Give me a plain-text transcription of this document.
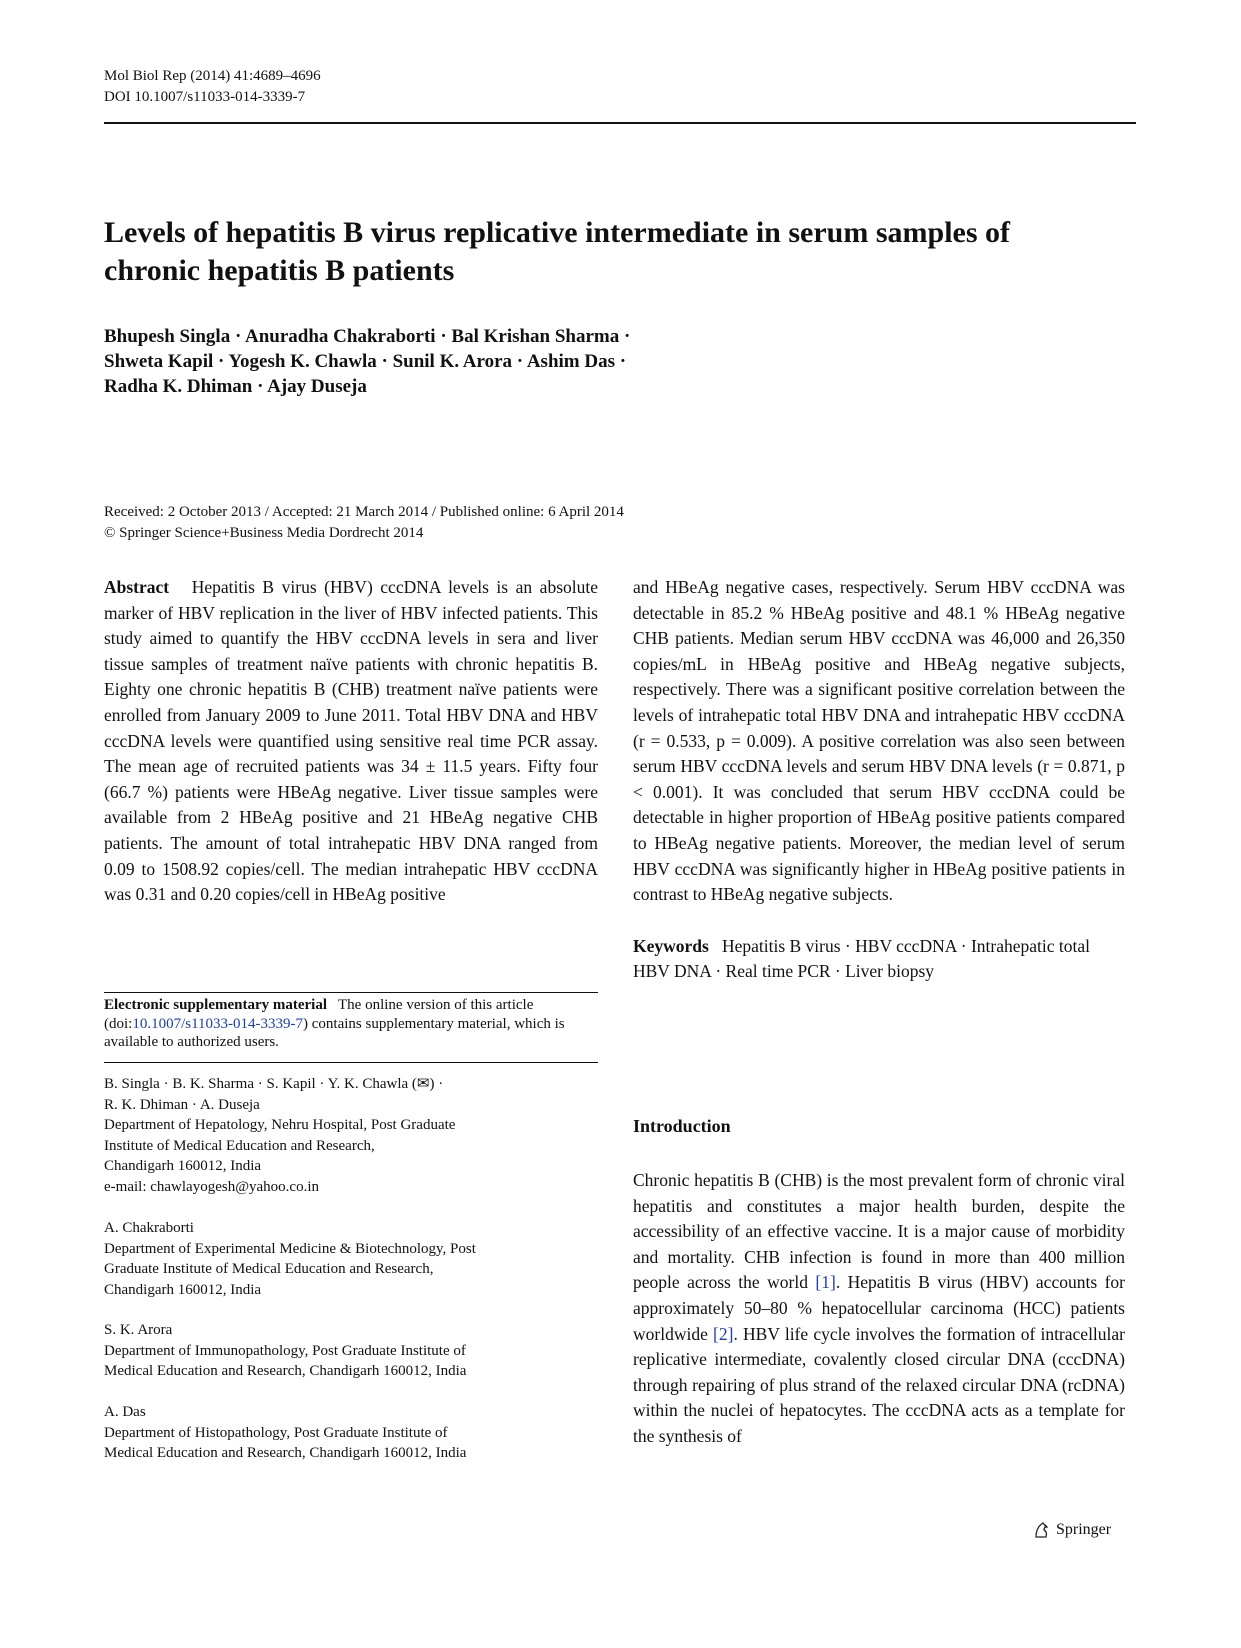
Mol Biol Rep (2014) 41:4689–4696
DOI 10.1007/s11033-014-3339-7
Levels of hepatitis B virus replicative intermediate in serum samples of chronic hepatitis B patients
Bhupesh Singla · Anuradha Chakraborti · Bal Krishan Sharma ·
Shweta Kapil · Yogesh K. Chawla · Sunil K. Arora · Ashim Das ·
Radha K. Dhiman · Ajay Duseja
Received: 2 October 2013 / Accepted: 21 March 2014 / Published online: 6 April 2014
© Springer Science+Business Media Dordrecht 2014

Abstract Hepatitis B virus (HBV) cccDNA levels is an absolute marker of HBV replication in the liver of HBV infected patients. This study aimed to quantify the HBV cccDNA levels in sera and liver tissue samples of treatment naïve patients with chronic hepatitis B. Eighty one chronic hepatitis B (CHB) treatment naïve patients were enrolled from January 2009 to June 2011. Total HBV DNA and HBV cccDNA levels were quantified using sensitive real time PCR assay. The mean age of recruited patients was 34 ± 11.5 years. Fifty four (66.7 %) patients were HBeAg negative. Liver tissue samples were available from 2 HBeAg positive and 21 HBeAg negative CHB patients. The amount of total intrahepatic HBV DNA ranged from 0.09 to 1508.92 copies/cell. The median intrahepatic HBV cccDNA was 0.31 and 0.20 copies/cell in HBeAg positive

Electronic supplementary material The online version of this article (doi:10.1007/s11033-014-3339-7) contains supplementary material, which is available to authorized users.
B. Singla · B. K. Sharma · S. Kapil · Y. K. Chawla (✉) ·
R. K. Dhiman · A. Duseja
Department of Hepatology, Nehru Hospital, Post Graduate
Institute of Medical Education and Research,
Chandigarh 160012, India
e-mail: chawlayogesh@yahoo.co.in
A. Chakraborti
Department of Experimental Medicine & Biotechnology, Post
Graduate Institute of Medical Education and Research,
Chandigarh 160012, India
S. K. Arora
Department of Immunopathology, Post Graduate Institute of
Medical Education and Research, Chandigarh 160012, India
A. Das
Department of Histopathology, Post Graduate Institute of
Medical Education and Research, Chandigarh 160012, India

and HBeAg negative cases, respectively. Serum HBV cccDNA was detectable in 85.2 % HBeAg positive and 48.1 % HBeAg negative CHB patients. Median serum HBV cccDNA was 46,000 and 26,350 copies/mL in HBeAg positive and HBeAg negative subjects, respectively. There was a significant positive correlation between the levels of intrahepatic total HBV DNA and intrahepatic HBV cccDNA (r = 0.533, p = 0.009). A positive correlation was also seen between serum HBV cccDNA levels and serum HBV DNA levels (r = 0.871, p < 0.001). It was concluded that serum HBV cccDNA could be detectable in higher proportion of HBeAg positive patients compared to HBeAg negative patients. Moreover, the median level of serum HBV cccDNA was significantly higher in HBeAg positive patients in contrast to HBeAg negative subjects.

Keywords Hepatitis B virus · HBV cccDNA · Intrahepatic total HBV DNA · Real time PCR · Liver biopsy

Introduction

Chronic hepatitis B (CHB) is the most prevalent form of chronic viral hepatitis and constitutes a major health burden, despite the accessibility of an effective vaccine. It is a major cause of morbidity and mortality. CHB infection is found in more than 400 million people across the world [1]. Hepatitis B virus (HBV) accounts for approximately 50–80 % hepatocellular carcinoma (HCC) patients worldwide [2]. HBV life cycle involves the formation of intracellular replicative intermediate, covalently closed circular DNA (cccDNA) through repairing of plus strand of the relaxed circular DNA (rcDNA) within the nuclei of hepatocytes. The cccDNA acts as a template for the synthesis of

Springer
